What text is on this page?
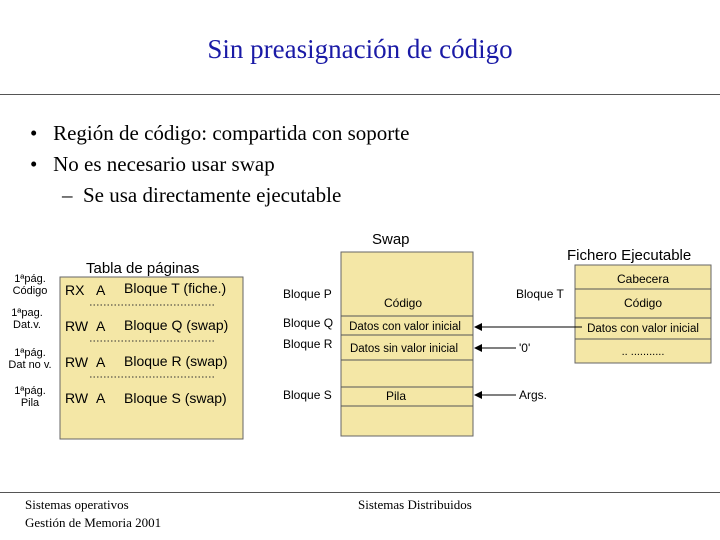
Sin preasignación de código
• Región de código: compartida con soporte
• No es necesario usar swap
– Se usa directamente ejecutable
Tabla de páginas
RX A Bloque T (fiche.)
RW A Bloque Q (swap)
RW A Bloque R (swap)
RW A Bloque S (swap)
1ªpág.
Código
1ªpag.
Dat.v.
1ªpág.
Dat no v.
1ªpág.
Pila
Swap
Código
Datos con valor inicial
Datos sin valor inicial
Pila
Bloque P
Bloque Q
Bloque R
Bloque S
Fichero Ejecutable
Cabecera
Código
Datos con valor inicial
.. ...........
Bloque T
'0'
Args.
Sistemas operativos
Gestión de Memoria 2001
Sistemas Distribuidos
